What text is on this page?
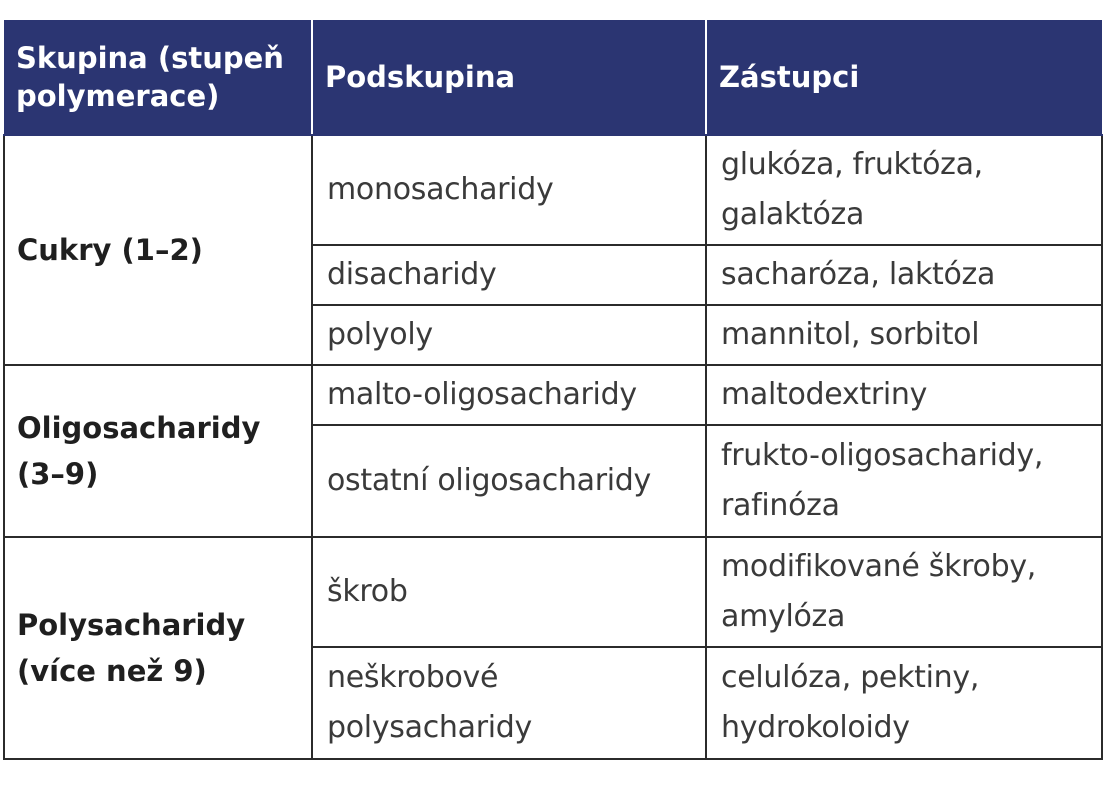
Skupina (stupeň polymerace)	Podskupina	Zástupci
Cukry (1–2)	monosacharidy	glukóza, fruktóza, galaktóza
	disacharidy	sacharóza, laktóza
	polyoly	mannitol, sorbitol
Oligosacharidy (3–9)	malto-oligosacharidy	maltodextriny
	ostatní oligosacharidy	frukto-oligosacharidy, rafinóza
Polysacharidy (více než 9)	škrob	modifikované škroby, amylóza
	neškrobové polysacharidy	celulóza, pektiny, hydrokoloidy
